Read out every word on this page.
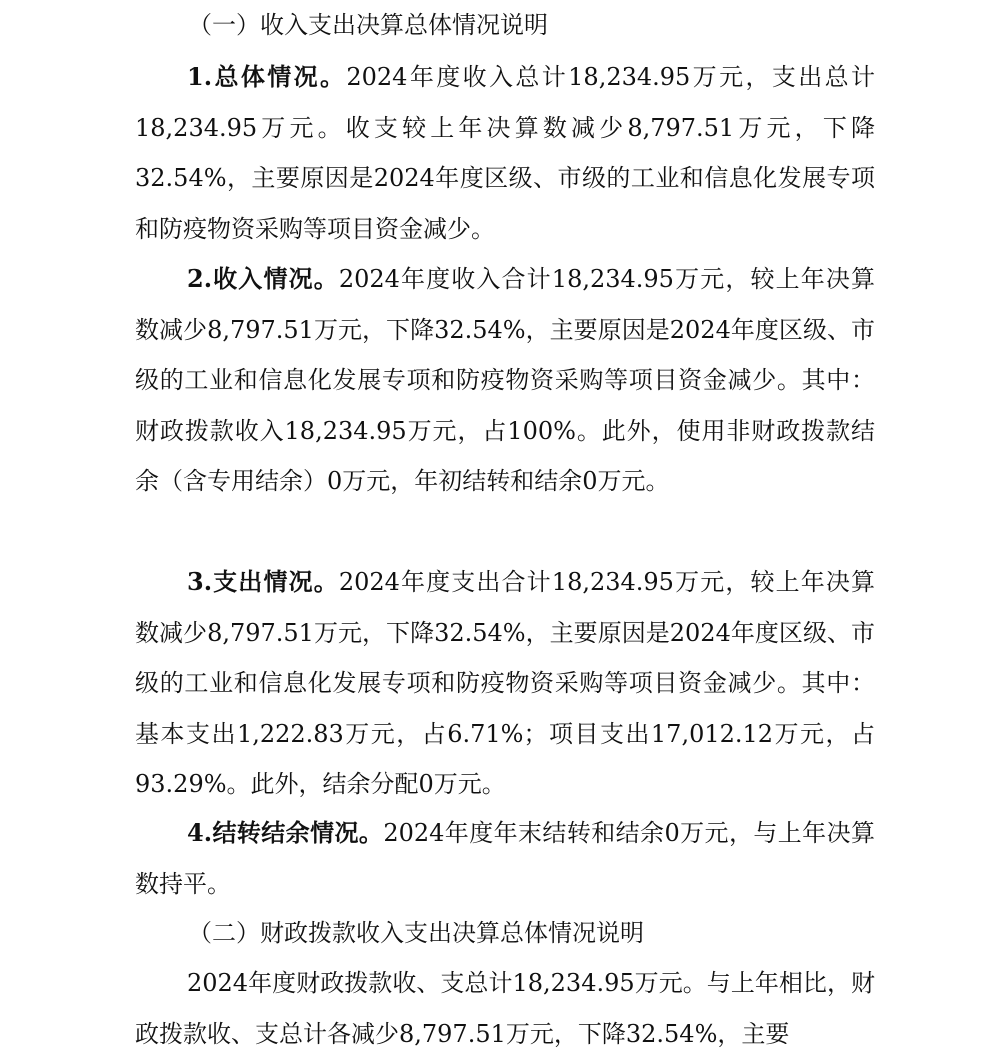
（一）收入支出决算总体情况说明
1.总体情况。2024年度收入总计18,234.95万元，支出总计18,234.95万元。收支较上年决算数减少8,797.51万元，下降32.54%，主要原因是2024年度区级、市级的工业和信息化发展专项和防疫物资采购等项目资金减少。
2.收入情况。2024年度收入合计18,234.95万元，较上年决算数减少8,797.51万元，下降32.54%，主要原因是2024年度区级、市级的工业和信息化发展专项和防疫物资采购等项目资金减少。其中：财政拨款收入18,234.95万元，占100%。此外，使用非财政拨款结余（含专用结余）0万元，年初结转和结余0万元。
3.支出情况。2024年度支出合计18,234.95万元，较上年决算数减少8,797.51万元，下降32.54%，主要原因是2024年度区级、市级的工业和信息化发展专项和防疫物资采购等项目资金减少。其中：基本支出1,222.83万元，占6.71%；项目支出17,012.12万元，占93.29%。此外，结余分配0万元。
4.结转结余情况。2024年度年末结转和结余0万元，与上年决算数持平。
（二）财政拨款收入支出决算总体情况说明
2024年度财政拨款收、支总计18,234.95万元。与上年相比，财政拨款收、支总计各减少8,797.51万元，下降32.54%，主要
